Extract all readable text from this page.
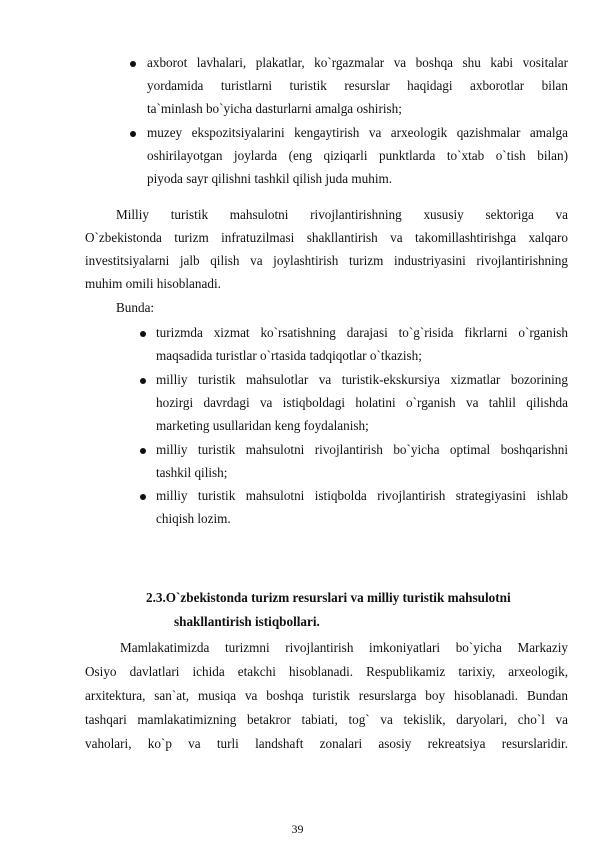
axborot lavhalari, plakatlar, ko`rgazmalar va boshqa shu kabi vositalar
yordamida turistlarni turistik resurslar haqidagi axborotlar bilan
ta`minlash bo`yicha dasturlarni amalga oshirish;
muzey ekspozitsiyalarini kengaytirish va arxeologik qazishmalar amalga
oshirilayotgan joylarda (eng qiziqarli punktlarda to`xtab o`tish bilan)
piyoda sayr qilishni tashkil qilish juda muhim.
Milliy turistik mahsulotni rivojlantirishning xususiy sektoriga va
O`zbekistonda turizm infratuzilmasi shakllantirish va takomillashtirishga xalqaro
investitsiyalarni jalb qilish va joylashtirish turizm industriyasini rivojlantirishning
muhim omili hisoblanadi.
Bunda:
turizmda xizmat ko`rsatishning darajasi to`g`risida fikrlarni o`rganish
maqsadida turistlar o`rtasida tadqiqotlar o`tkazish;
milliy turistik mahsulotlar va turistik-ekskursiya xizmatlar bozorining
hozirgi davrdagi va istiqboldagi holatini o`rganish va tahlil qilishda
marketing usullaridan keng foydalanish;
milliy turistik mahsulotni rivojlantirish bo`yicha optimal boshqarishni
tashkil qilish;
milliy turistik mahsulotni istiqbolda rivojlantirish strategiyasini ishlab
chiqish lozim.
2.3.O`zbekistonda turizm resurslari va milliy turistik mahsulotni
shakllantirish istiqbollari.
Mamlakatimizda turizmni rivojlantirish imkoniyatlari bo`yicha Markaziy
Osiyo davlatlari ichida etakchi hisoblanadi. Respublikamiz tarixiy, arxeologik,
arxitektura, san`at, musiqa va boshqa turistik resurslarga boy hisoblanadi. Bundan
tashqari mamlakatimizning betakror tabiati, tog` va tekislik, daryolari, cho`l va
vaholari, ko`p va turli landshaft zonalari asosiy rekreatsiya resurslaridir.
39
